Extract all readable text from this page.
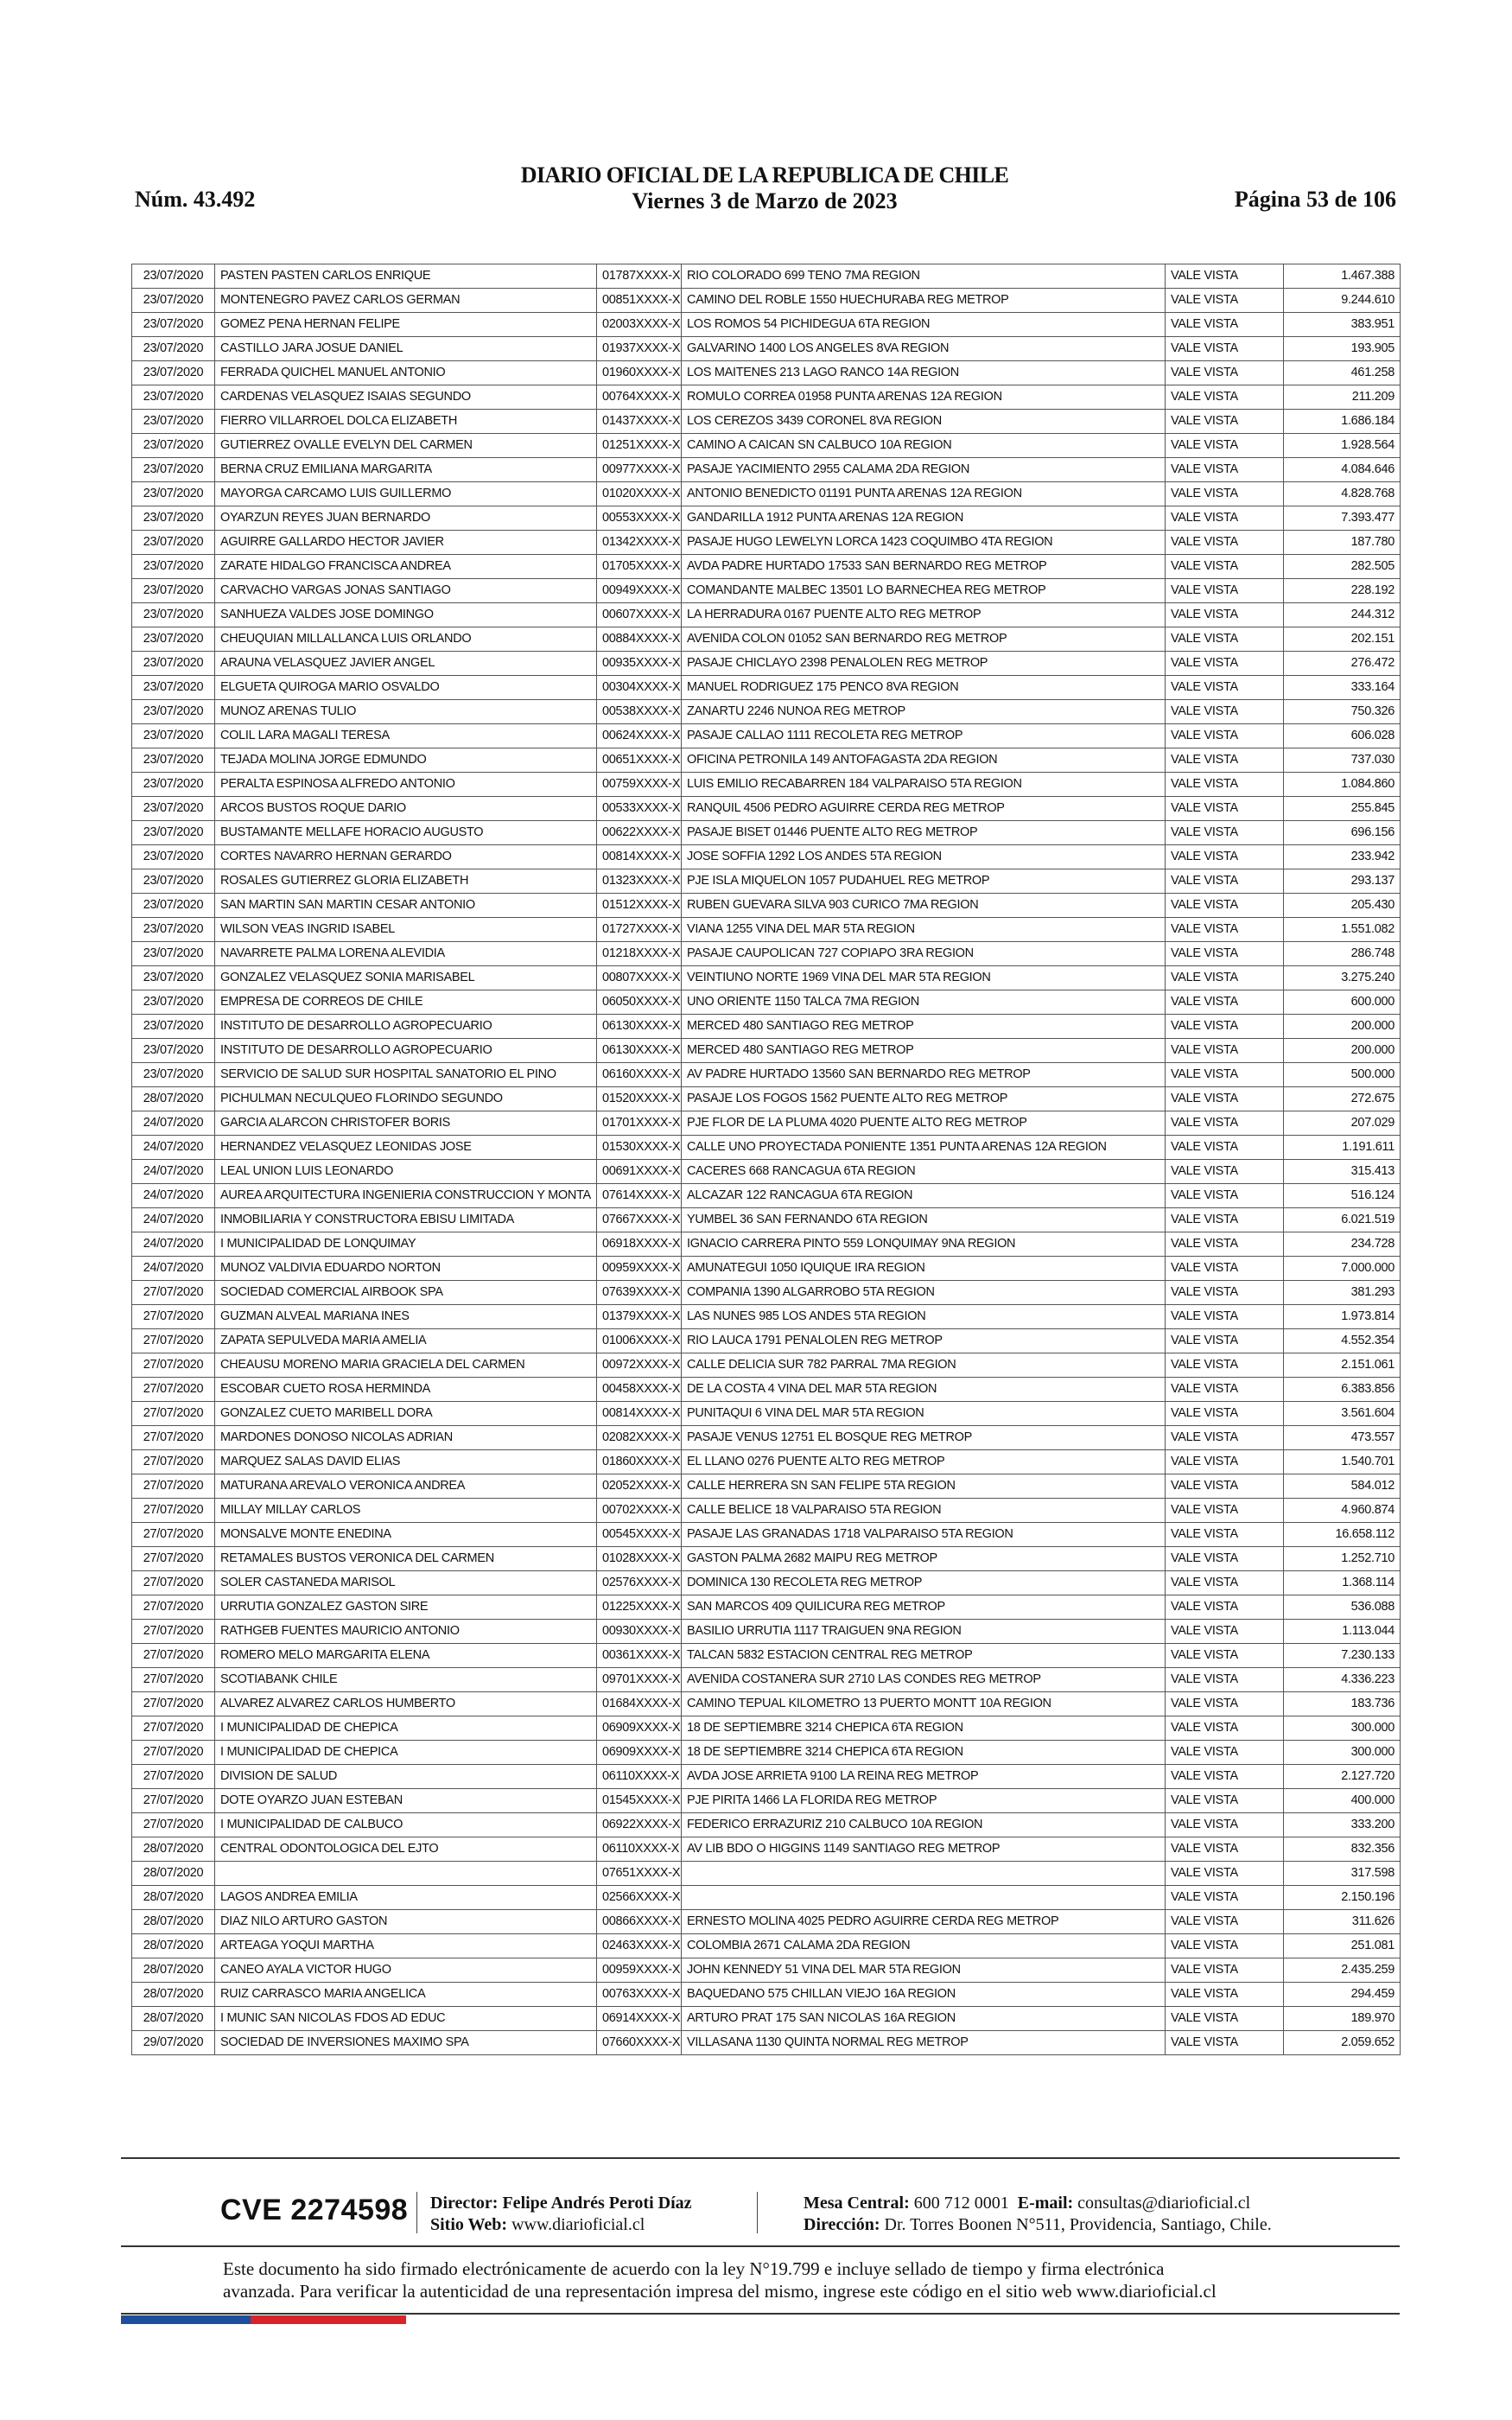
Núm. 43.492
DIARIO OFICIAL DE LA REPUBLICA DE CHILE
Viernes 3 de Marzo de 2023	Página 53 de 106
23/07/2020	PASTEN PASTEN CARLOS ENRIQUE	01787XXXX-X	RIO COLORADO 699 TENO 7MA REGION	VALE VISTA	1.467.388
23/07/2020	MONTENEGRO PAVEZ CARLOS GERMAN	00851XXXX-X	CAMINO DEL ROBLE 1550 HUECHURABA REG METROP	VALE VISTA	9.244.610
23/07/2020	GOMEZ PENA HERNAN FELIPE	02003XXXX-X	LOS ROMOS 54 PICHIDEGUA 6TA REGION	VALE VISTA	383.951
23/07/2020	CASTILLO JARA JOSUE DANIEL	01937XXXX-X	GALVARINO 1400 LOS ANGELES 8VA REGION	VALE VISTA	193.905
23/07/2020	FERRADA QUICHEL MANUEL ANTONIO	01960XXXX-X	LOS MAITENES 213 LAGO RANCO 14A REGION	VALE VISTA	461.258
23/07/2020	CARDENAS VELASQUEZ ISAIAS SEGUNDO	00764XXXX-X	ROMULO CORREA 01958 PUNTA ARENAS 12A REGION	VALE VISTA	211.209
23/07/2020	FIERRO VILLARROEL DOLCA ELIZABETH	01437XXXX-X	LOS CEREZOS 3439 CORONEL 8VA REGION	VALE VISTA	1.686.184
23/07/2020	GUTIERREZ OVALLE EVELYN DEL CARMEN	01251XXXX-X	CAMINO A CAICAN SN CALBUCO 10A REGION	VALE VISTA	1.928.564
23/07/2020	BERNA CRUZ EMILIANA MARGARITA	00977XXXX-X	PASAJE YACIMIENTO 2955 CALAMA 2DA REGION	VALE VISTA	4.084.646
23/07/2020	MAYORGA CARCAMO LUIS GUILLERMO	01020XXXX-X	ANTONIO BENEDICTO 01191 PUNTA ARENAS 12A REGION	VALE VISTA	4.828.768
23/07/2020	OYARZUN REYES JUAN BERNARDO	00553XXXX-X	GANDARILLA 1912 PUNTA ARENAS 12A REGION	VALE VISTA	7.393.477
23/07/2020	AGUIRRE GALLARDO HECTOR JAVIER	01342XXXX-X	PASAJE HUGO LEWELYN LORCA 1423 COQUIMBO 4TA REGION	VALE VISTA	187.780
23/07/2020	ZARATE HIDALGO FRANCISCA ANDREA	01705XXXX-X	AVDA PADRE HURTADO 17533 SAN BERNARDO REG METROP	VALE VISTA	282.505
23/07/2020	CARVACHO VARGAS JONAS SANTIAGO	00949XXXX-X	COMANDANTE MALBEC 13501 LO BARNECHEA REG METROP	VALE VISTA	228.192
23/07/2020	SANHUEZA VALDES JOSE DOMINGO	00607XXXX-X	LA HERRADURA 0167 PUENTE ALTO REG METROP	VALE VISTA	244.312
23/07/2020	CHEUQUIAN MILLALLANCA LUIS ORLANDO	00884XXXX-X	AVENIDA COLON 01052 SAN BERNARDO REG METROP	VALE VISTA	202.151
23/07/2020	ARAUNA VELASQUEZ JAVIER ANGEL	00935XXXX-X	PASAJE CHICLAYO 2398 PENALOLEN REG METROP	VALE VISTA	276.472
23/07/2020	ELGUETA QUIROGA MARIO OSVALDO	00304XXXX-X	MANUEL RODRIGUEZ 175 PENCO 8VA REGION	VALE VISTA	333.164
23/07/2020	MUNOZ ARENAS TULIO	00538XXXX-X	ZANARTU 2246 NUNOA REG METROP	VALE VISTA	750.326
23/07/2020	COLIL LARA MAGALI TERESA	00624XXXX-X	PASAJE CALLAO 1111 RECOLETA REG METROP	VALE VISTA	606.028
23/07/2020	TEJADA MOLINA JORGE EDMUNDO	00651XXXX-X	OFICINA PETRONILA 149 ANTOFAGASTA 2DA REGION	VALE VISTA	737.030
23/07/2020	PERALTA ESPINOSA ALFREDO ANTONIO	00759XXXX-X	LUIS EMILIO RECABARREN 184 VALPARAISO 5TA REGION	VALE VISTA	1.084.860
23/07/2020	ARCOS BUSTOS ROQUE DARIO	00533XXXX-X	RANQUIL 4506 PEDRO AGUIRRE CERDA REG METROP	VALE VISTA	255.845
23/07/2020	BUSTAMANTE MELLAFE HORACIO AUGUSTO	00622XXXX-X	PASAJE BISET 01446 PUENTE ALTO REG METROP	VALE VISTA	696.156
23/07/2020	CORTES NAVARRO HERNAN GERARDO	00814XXXX-X	JOSE SOFFIA 1292 LOS ANDES 5TA REGION	VALE VISTA	233.942
23/07/2020	ROSALES GUTIERREZ GLORIA ELIZABETH	01323XXXX-X	PJE ISLA MIQUELON 1057 PUDAHUEL REG METROP	VALE VISTA	293.137
23/07/2020	SAN MARTIN SAN MARTIN CESAR ANTONIO	01512XXXX-X	RUBEN GUEVARA SILVA 903 CURICO 7MA REGION	VALE VISTA	205.430
23/07/2020	WILSON VEAS INGRID ISABEL	01727XXXX-X	VIANA 1255 VINA DEL MAR 5TA REGION	VALE VISTA	1.551.082
23/07/2020	NAVARRETE PALMA LORENA ALEVIDIA	01218XXXX-X	PASAJE CAUPOLICAN 727 COPIAPO 3RA REGION	VALE VISTA	286.748
23/07/2020	GONZALEZ VELASQUEZ SONIA MARISABEL	00807XXXX-X	VEINTIUNO NORTE 1969 VINA DEL MAR 5TA REGION	VALE VISTA	3.275.240
23/07/2020	EMPRESA DE CORREOS DE CHILE	06050XXXX-X	UNO ORIENTE 1150 TALCA 7MA REGION	VALE VISTA	600.000
23/07/2020	INSTITUTO DE DESARROLLO AGROPECUARIO	06130XXXX-X	MERCED 480 SANTIAGO REG METROP	VALE VISTA	200.000
23/07/2020	INSTITUTO DE DESARROLLO AGROPECUARIO	06130XXXX-X	MERCED 480 SANTIAGO REG METROP	VALE VISTA	200.000
23/07/2020	SERVICIO DE SALUD SUR HOSPITAL SANATORIO EL PINO	06160XXXX-X	AV PADRE HURTADO 13560 SAN BERNARDO REG METROP	VALE VISTA	500.000
28/07/2020	PICHULMAN NECULQUEO FLORINDO SEGUNDO	01520XXXX-X	PASAJE LOS FOGOS 1562 PUENTE ALTO REG METROP	VALE VISTA	272.675
24/07/2020	GARCIA ALARCON CHRISTOFER BORIS	01701XXXX-X	PJE FLOR DE LA PLUMA 4020 PUENTE ALTO REG METROP	VALE VISTA	207.029
24/07/2020	HERNANDEZ VELASQUEZ LEONIDAS JOSE	01530XXXX-X	CALLE UNO PROYECTADA PONIENTE 1351 PUNTA ARENAS 12A REGION	VALE VISTA	1.191.611
24/07/2020	LEAL UNION LUIS LEONARDO	00691XXXX-X	CACERES 668 RANCAGUA 6TA REGION	VALE VISTA	315.413
24/07/2020	AUREA ARQUITECTURA INGENIERIA CONSTRUCCION Y MONTA	07614XXXX-X	ALCAZAR 122 RANCAGUA 6TA REGION	VALE VISTA	516.124
24/07/2020	INMOBILIARIA Y CONSTRUCTORA EBISU LIMITADA	07667XXXX-X	YUMBEL 36 SAN FERNANDO 6TA REGION	VALE VISTA	6.021.519
24/07/2020	I MUNICIPALIDAD DE LONQUIMAY	06918XXXX-X	IGNACIO CARRERA PINTO 559 LONQUIMAY 9NA REGION	VALE VISTA	234.728
24/07/2020	MUNOZ VALDIVIA EDUARDO NORTON	00959XXXX-X	AMUNATEGUI 1050 IQUIQUE IRA REGION	VALE VISTA	7.000.000
27/07/2020	SOCIEDAD COMERCIAL AIRBOOK SPA	07639XXXX-X	COMPANIA 1390 ALGARROBO 5TA REGION	VALE VISTA	381.293
27/07/2020	GUZMAN ALVEAL MARIANA INES	01379XXXX-X	LAS NUNES 985 LOS ANDES 5TA REGION	VALE VISTA	1.973.814
27/07/2020	ZAPATA SEPULVEDA MARIA AMELIA	01006XXXX-X	RIO LAUCA 1791 PENALOLEN REG METROP	VALE VISTA	4.552.354
27/07/2020	CHEAUSU MORENO MARIA GRACIELA DEL CARMEN	00972XXXX-X	CALLE DELICIA SUR 782 PARRAL 7MA REGION	VALE VISTA	2.151.061
27/07/2020	ESCOBAR CUETO ROSA HERMINDA	00458XXXX-X	DE LA COSTA 4 VINA DEL MAR 5TA REGION	VALE VISTA	6.383.856
27/07/2020	GONZALEZ CUETO MARIBELL DORA	00814XXXX-X	PUNITAQUI 6 VINA DEL MAR 5TA REGION	VALE VISTA	3.561.604
27/07/2020	MARDONES DONOSO NICOLAS ADRIAN	02082XXXX-X	PASAJE VENUS 12751 EL BOSQUE REG METROP	VALE VISTA	473.557
27/07/2020	MARQUEZ SALAS DAVID ELIAS	01860XXXX-X	EL LLANO 0276 PUENTE ALTO REG METROP	VALE VISTA	1.540.701
27/07/2020	MATURANA AREVALO VERONICA ANDREA	02052XXXX-X	CALLE HERRERA SN SAN FELIPE 5TA REGION	VALE VISTA	584.012
27/07/2020	MILLAY MILLAY CARLOS	00702XXXX-X	CALLE BELICE 18 VALPARAISO 5TA REGION	VALE VISTA	4.960.874
27/07/2020	MONSALVE MONTE ENEDINA	00545XXXX-X	PASAJE LAS GRANADAS 1718 VALPARAISO 5TA REGION	VALE VISTA	16.658.112
27/07/2020	RETAMALES BUSTOS VERONICA DEL CARMEN	01028XXXX-X	GASTON PALMA 2682 MAIPU REG METROP	VALE VISTA	1.252.710
27/07/2020	SOLER CASTANEDA MARISOL	02576XXXX-X	DOMINICA 130 RECOLETA REG METROP	VALE VISTA	1.368.114
27/07/2020	URRUTIA GONZALEZ GASTON SIRE	01225XXXX-X	SAN MARCOS 409 QUILICURA REG METROP	VALE VISTA	536.088
27/07/2020	RATHGEB FUENTES MAURICIO ANTONIO	00930XXXX-X	BASILIO URRUTIA 1117 TRAIGUEN 9NA REGION	VALE VISTA	1.113.044
27/07/2020	ROMERO MELO MARGARITA ELENA	00361XXXX-X	TALCAN 5832 ESTACION CENTRAL REG METROP	VALE VISTA	7.230.133
27/07/2020	SCOTIABANK CHILE	09701XXXX-X	AVENIDA COSTANERA SUR 2710 LAS CONDES REG METROP	VALE VISTA	4.336.223
27/07/2020	ALVAREZ ALVAREZ CARLOS HUMBERTO	01684XXXX-X	CAMINO TEPUAL KILOMETRO 13 PUERTO MONTT 10A REGION	VALE VISTA	183.736
27/07/2020	I MUNICIPALIDAD DE CHEPICA	06909XXXX-X	18 DE SEPTIEMBRE 3214 CHEPICA 6TA REGION	VALE VISTA	300.000
27/07/2020	I MUNICIPALIDAD DE CHEPICA	06909XXXX-X	18 DE SEPTIEMBRE 3214 CHEPICA 6TA REGION	VALE VISTA	300.000
27/07/2020	DIVISION DE SALUD	06110XXXX-X	AVDA JOSE ARRIETA 9100 LA REINA REG METROP	VALE VISTA	2.127.720
27/07/2020	DOTE OYARZO JUAN ESTEBAN	01545XXXX-X	PJE PIRITA 1466 LA FLORIDA REG METROP	VALE VISTA	400.000
27/07/2020	I MUNICIPALIDAD DE CALBUCO	06922XXXX-X	FEDERICO ERRAZURIZ 210 CALBUCO 10A REGION	VALE VISTA	333.200
28/07/2020	CENTRAL ODONTOLOGICA DEL EJTO	06110XXXX-X	AV LIB BDO O HIGGINS 1149 SANTIAGO REG METROP	VALE VISTA	832.356
28/07/2020		07651XXXX-X		VALE VISTA	317.598
28/07/2020	LAGOS ANDREA EMILIA	02566XXXX-X		VALE VISTA	2.150.196
28/07/2020	DIAZ NILO ARTURO GASTON	00866XXXX-X	ERNESTO MOLINA 4025 PEDRO AGUIRRE CERDA REG METROP	VALE VISTA	311.626
28/07/2020	ARTEAGA YOQUI MARTHA	02463XXXX-X	COLOMBIA 2671 CALAMA 2DA REGION	VALE VISTA	251.081
28/07/2020	CANEO AYALA VICTOR HUGO	00959XXXX-X	JOHN KENNEDY 51 VINA DEL MAR 5TA REGION	VALE VISTA	2.435.259
28/07/2020	RUIZ CARRASCO MARIA ANGELICA	00763XXXX-X	BAQUEDANO 575 CHILLAN VIEJO 16A REGION	VALE VISTA	294.459
28/07/2020	I MUNIC SAN NICOLAS FDOS AD EDUC	06914XXXX-X	ARTURO PRAT 175 SAN NICOLAS 16A REGION	VALE VISTA	189.970
29/07/2020	SOCIEDAD DE INVERSIONES MAXIMO SPA	07660XXXX-X	VILLASANA 1130 QUINTA NORMAL REG METROP	VALE VISTA	2.059.652
CVE 2274598 Director: Felipe Andrés Peroti Díaz
Sitio Web: www.diarioficial.cl
Mesa Central: 600 712 0001 E-mail: consultas@diarioficial.cl
Dirección: Dr. Torres Boonen N°511, Providencia, Santiago, Chile.
Este documento ha sido firmado electrónicamente de acuerdo con la ley N°19.799 e incluye sellado de tiempo y firma electrónica
avanzada. Para verificar la autenticidad de una representación impresa del mismo, ingrese este código en el sitio web www.diarioficial.cl
